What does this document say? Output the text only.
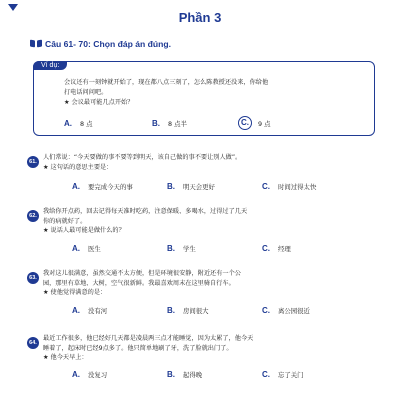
Phần 3
Câu 61- 70: Chọn đáp án đúng.
Ví dụ:
会议还有一刻钟就开始了，现在都八点三刻了，怎么陈教授还没来，你给他
打电话问问吧。
★ 会议最可能几点开始？
A.	8 点	B.	8 点半	C.	9 点
61.
人们常说：“今天要做的事不要等到明天，该自己做的事不要让别人做”。
★ 这句话的意思主要是：
A.	要完成今天的事	B.	明天会更好	C.	时间过得太快
62.
我给你开点药，回去记得每天准时吃药，注意保暖、多喝水，过得过了几天
你的病就好了。
★ 说话人最可能是做什么的？
A.	医生	B.	学生	C.	经理
63.
我对这儿很满意，虽然交通不太方便，但是环境很安静，附近还有一个公
园，那里有草地、大树，空气很新鲜。我最喜欢周末在这里骑自行车。
★ 使他觉得满意的是：
A.	没有河	B.	房间很大	C.	离公园很近
64.
最近工作很多，他已经好几天都是凌晨两三点才能睡觉，因为太累了，他今天
睡着了，起床时已经9点多了。他只简单地刷了牙，洗了脸就出门了。
★ 他今天早上：
A.	没复习	B.	起得晚	C.	忘了关门
